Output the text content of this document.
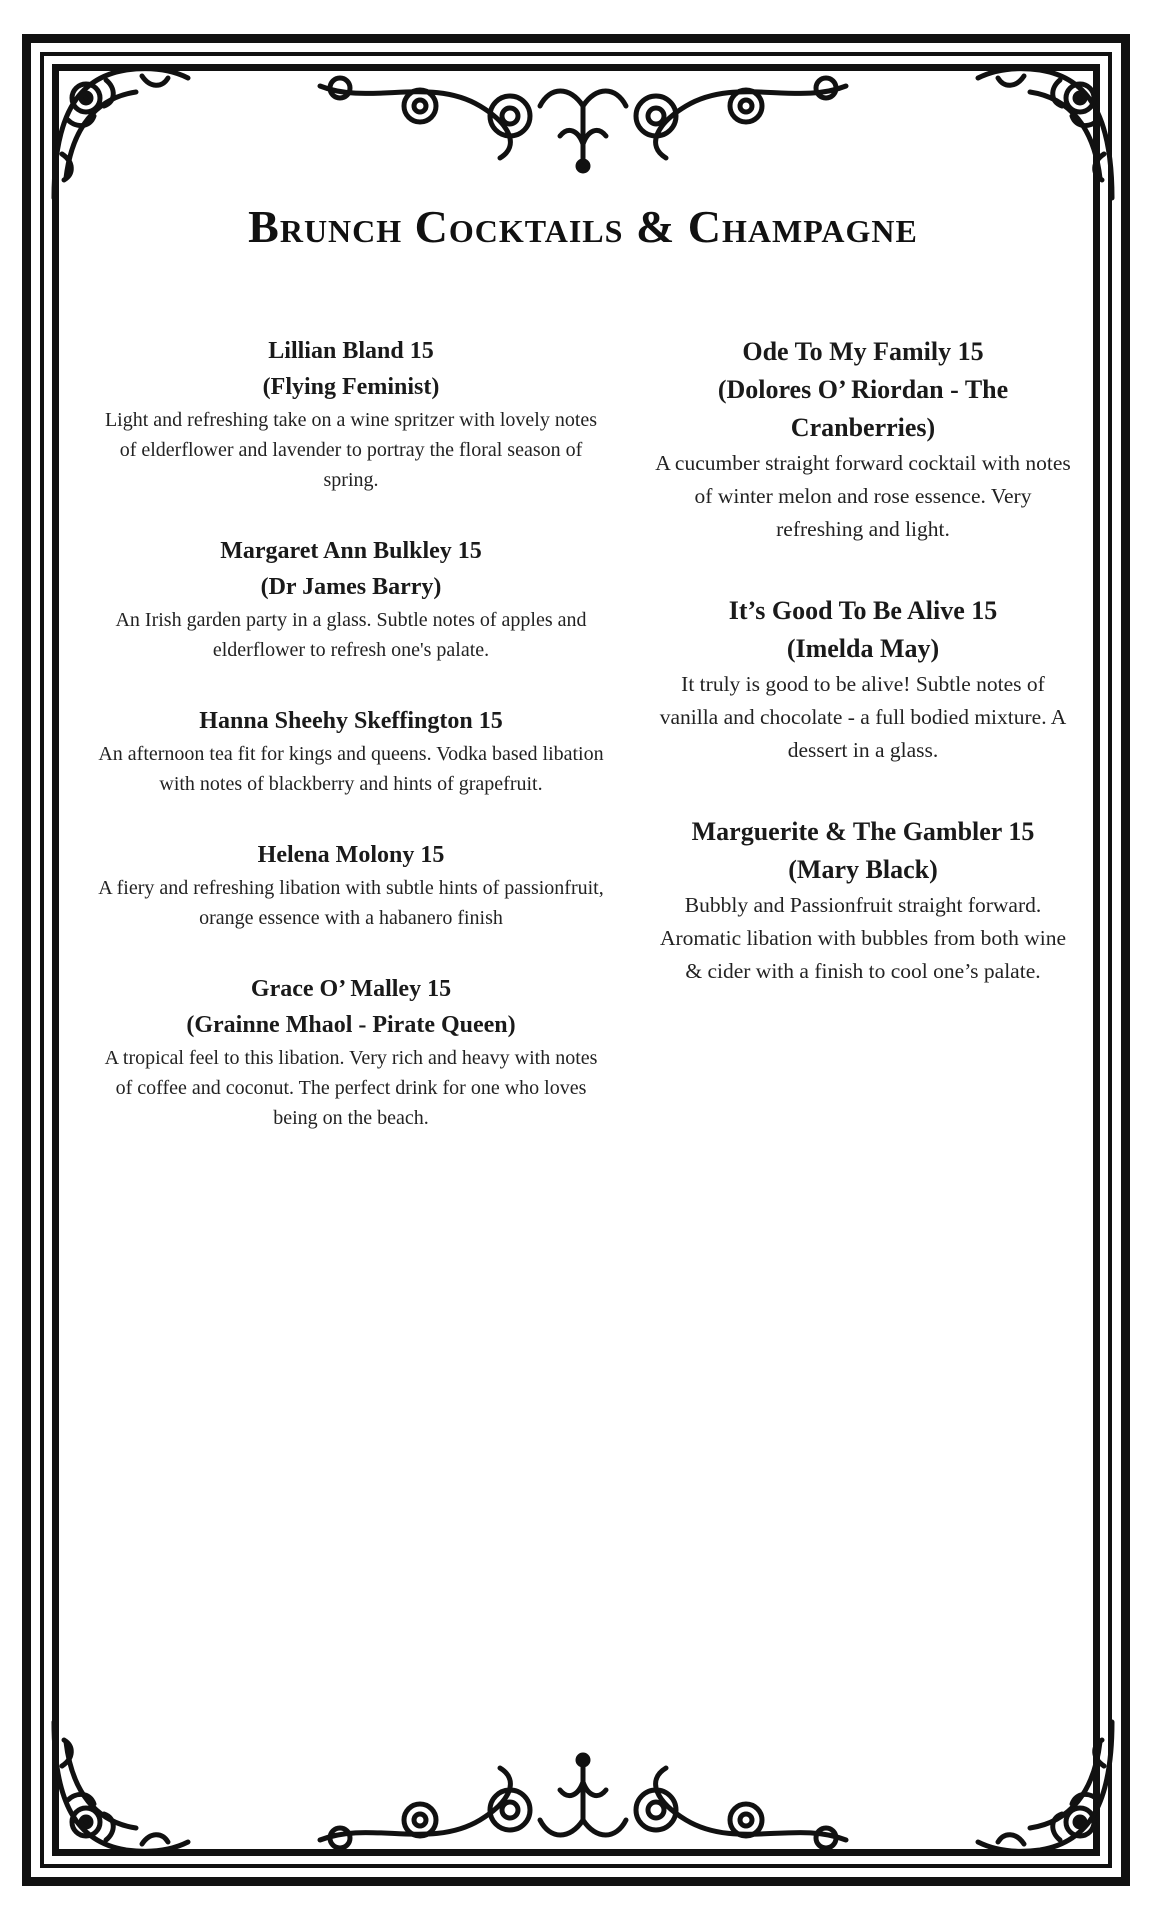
Brunch Cocktails & Champagne
Lillian Bland 15
(Flying Feminist)
Light and refreshing take on a wine spritzer with lovely notes of elderflower and lavender to portray the floral season of spring.
Margaret Ann Bulkley 15
(Dr James Barry)
An Irish garden party in a glass. Subtle notes of apples and elderflower to refresh one's palate.
Hanna Sheehy Skeffington 15
An afternoon tea fit for kings and queens. Vodka based libation with notes of blackberry and hints of grapefruit.
Helena Molony 15
A fiery and refreshing libation with subtle hints of passionfruit, orange essence with a habanero finish
Grace O’ Malley 15
(Grainne Mhaol - Pirate Queen)
A tropical feel to this libation. Very rich and heavy with notes of coffee and coconut. The perfect drink for one who loves being on the beach.
Ode To My Family 15
(Dolores O’ Riordan - The Cranberries)
A cucumber straight forward cocktail with notes of winter melon and rose essence. Very refreshing and light.
It’s Good To Be Alive 15
(Imelda May)
It truly is good to be alive! Subtle notes of vanilla and chocolate - a full bodied mixture. A dessert in a glass.
Marguerite & The Gambler 15
(Mary Black)
Bubbly and Passionfruit straight forward. Aromatic libation with bubbles from both wine & cider with a finish to cool one’s palate.
